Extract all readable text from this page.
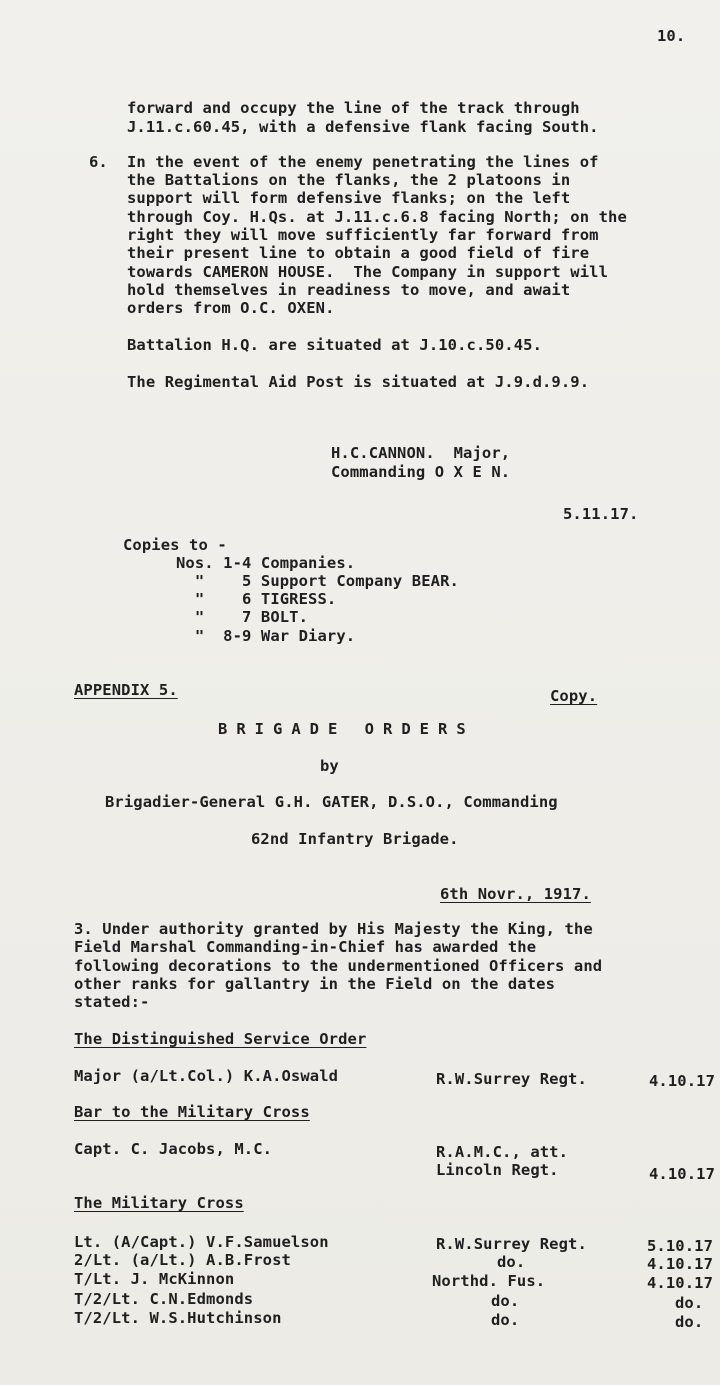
10.
forward and occupy the line of the track through
J.11.c.60.45, with a defensive flank facing South.
6. In the event of the enemy penetrating the lines of
the Battalions on the flanks, the 2 platoons in
support will form defensive flanks; on the left
through Coy. H.Qs. at J.11.c.6.8 facing North; on the
right they will move sufficiently far forward from
their present line to obtain a good field of fire
towards CAMERON HOUSE.  The Company in support will
hold themselves in readiness to move, and await
orders from O.C. OXEN.
Battalion H.Q. are situated at J.10.c.50.45.
The Regimental Aid Post is situated at J.9.d.9.9.
H.C.CANNON.  Major,
Commanding O X E N.
5.11.17.
Copies to -
Nos. 1-4 Companies.
"    5 Support Company BEAR.
"    6 TIGRESS.
"    7 BOLT.
"  8-9 War Diary.
APPENDIX 5.	Copy.
BRIGADE ORDERS
by
Brigadier-General G.H. GATER, D.S.O., Commanding
62nd Infantry Brigade.
6th Novr., 1917.
3. Under authority granted by His Majesty the King, the
Field Marshal Commanding-in-Chief has awarded the
following decorations to the undermentioned Officers and
other ranks for gallantry in the Field on the dates
stated:-
The Distinguished Service Order
Major (a/Lt.Col.) K.A.Oswald	R.W.Surrey Regt.	4.10.17
Bar to the Military Cross
Capt. C. Jacobs, M.C.	R.A.M.C., att.
Lincoln Regt.	4.10.17
The Military Cross
Lt. (A/Capt.) V.F.Samuelson	R.W.Surrey Regt.	5.10.17
2/Lt. (a/Lt.) A.B.Frost	do.	4.10.17
T/Lt. J. McKinnon	Northd. Fus.	4.10.17
T/2/Lt. C.N.Edmonds	do.	do.
T/2/Lt. W.S.Hutchinson	do.	do.
